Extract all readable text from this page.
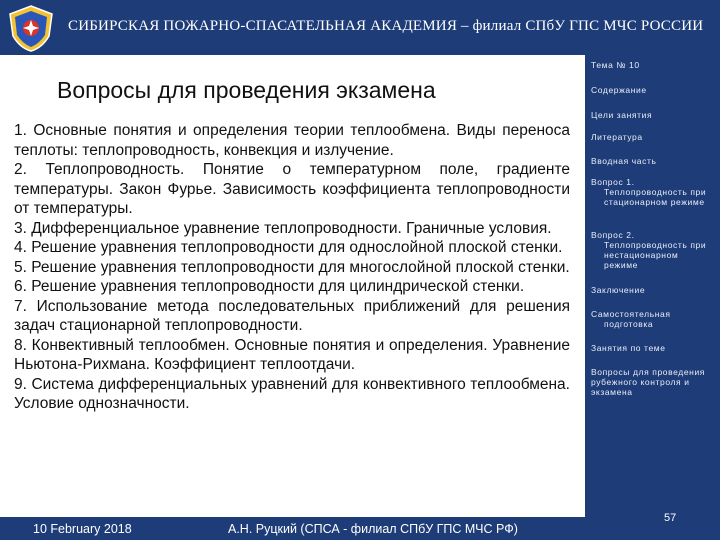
СИБИРСКАЯ ПОЖАРНО-СПАСАТЕЛЬНАЯ АКАДЕМИЯ – филиал СПбУ ГПС МЧС РОССИИ
Вопросы для проведения экзамена

1. Основные понятия и определения теории теплообмена. Виды переноса теплоты: теплопроводность, конвекция и излучение.

2. Теплопроводность. Понятие о температурном поле, градиенте температуры. Закон Фурье. Зависимость коэффициента теплопроводности от температуры.

3. Дифференциальное уравнение теплопроводности. Граничные условия.

4. Решение уравнения теплопроводности для однослойной плоской стенки.

5. Решение уравнения теплопроводности для многослойной плоской стенки.

6. Решение уравнения теплопроводности для цилиндрической стенки.

7. Использование метода последовательных приближений для решения задач стационарной теплопроводности.

8. Конвективный теплообмен. Основные понятия и определения. Уравнение Ньютона-Рихмана. Коэффициент теплоотдачи.

9. Система дифференциальных уравнений для конвективного теплообмена. Условие однозначности.

Тема № 10
Содержание
Цели занятия
Литература
Вводная часть
Вопрос 1.
Теплопроводность при стационарном режиме
Вопрос 2.
Теплопроводность при нестационарном режиме
Заключение
Самостоятельная
подготовка
Занятия по теме
Вопросы для проведения рубежного контроля и экзамена
10 February 2018	А.Н. Руцкий (СПСА - филиал СПбУ ГПС МЧС РФ)
57
